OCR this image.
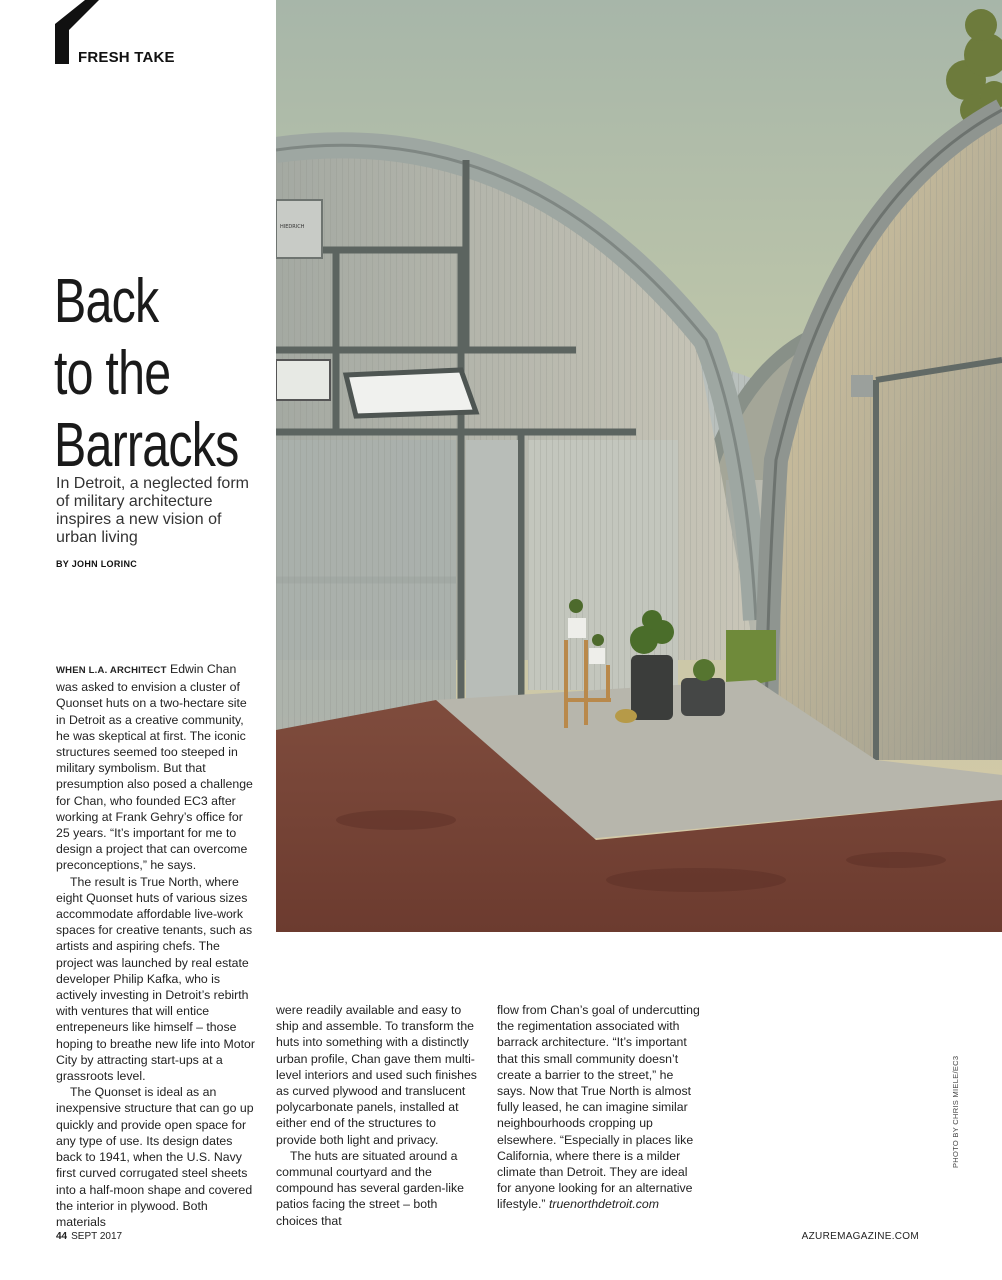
FRESH TAKE
Back
to the
Barracks

In Detroit, a neglected form of military architecture inspires a new vision of urban living

BY JOHN LORINC
HIEDRICH

WHEN L.A. ARCHITECT Edwin Chan was asked to envision a cluster of Quonset huts on a two-hectare site in Detroit as a creative community, he was skeptical at first. The iconic structures seemed too steeped in military symbolism. But that presumption also posed a challenge for Chan, who founded EC3 after working at Frank Gehry’s office for 25 years. “It’s important for me to design a project that can overcome preconceptions,” he says.

The result is True North, where eight Quonset huts of various sizes accommodate affordable live-work spaces for creative tenants, such as artists and aspiring chefs. The project was launched by real estate developer Philip Kafka, who is actively investing in Detroit’s rebirth with ventures that will entice entrepeneurs like himself – those hoping to breathe new life into Motor City by attracting start-ups at a grassroots level.

The Quonset is ideal as an inexpensive structure that can go up quickly and provide open space for any type of use. Its design dates back to 1941, when the U.S. Navy first curved corrugated steel sheets into a half-moon shape and covered the interior in plywood. Both materials

were readily available and easy to ship and assemble. To transform the huts into something with a distinctly urban profile, Chan gave them multi-level interiors and used such finishes as curved plywood and translucent polycarbonate panels, installed at either end of the structures to provide both light and privacy.

The huts are situated around a communal courtyard and the compound has several garden-like patios facing the street – both choices that

flow from Chan’s goal of undercutting the regimentation associated with barrack architecture. “It’s important that this small community doesn’t create a barrier to the street,” he says. Now that True North is almost fully leased, he can imagine similar neighbourhoods cropping up elsewhere. “Especially in places like California, where there is a milder climate than Detroit. They are ideal for anyone looking for an alternative lifestyle.” truenorthdetroit.com

PHOTO BY CHRIS MIELE/EC3
44 SEPT 2017	AZUREMAGAZINE.COM
